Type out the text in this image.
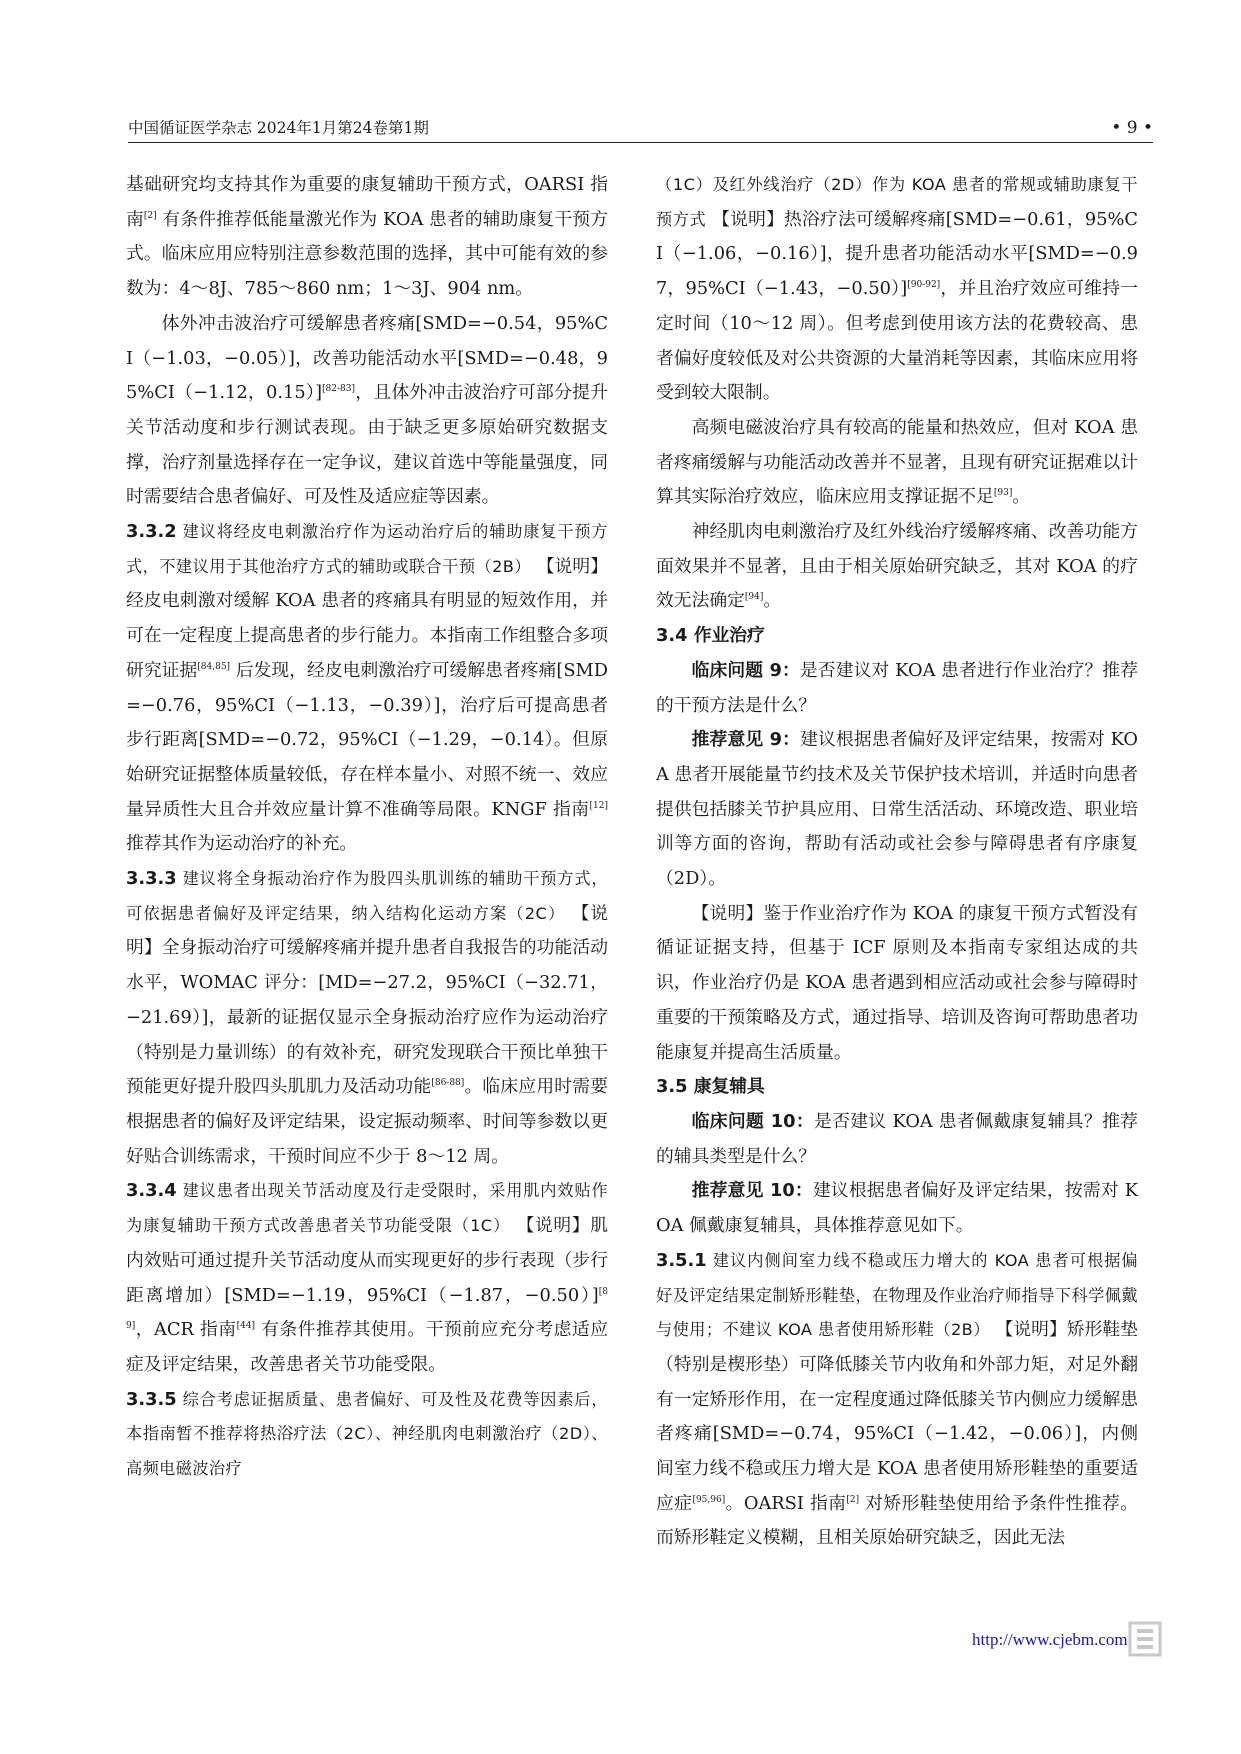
中国循证医学杂志 2024年1月第24卷第1期	• 9 •

基础研究均支持其作为重要的康复辅助干预方式，OARSI 指南[2] 有条件推荐低能量激光作为 KOA 患者的辅助康复干预方式。临床应用应特别注意参数范围的选择，其中可能有效的参数为：4～8J、785～860 nm；1～3J、904 nm。

体外冲击波治疗可缓解患者疼痛[SMD=−0.54，95%CI（−1.03，−0.05）]，改善功能活动水平[SMD=−0.48，95%CI（−1.12，0.15）][82-83]，且体外冲击波治疗可部分提升关节活动度和步行测试表现。由于缺乏更多原始研究数据支撑，治疗剂量选择存在一定争议，建议首选中等能量强度，同时需要结合患者偏好、可及性及适应症等因素。

3.3.2 建议将经皮电刺激治疗作为运动治疗后的辅助康复干预方式，不建议用于其他治疗方式的辅助或联合干预（2B） 【说明】经皮电刺激对缓解 KOA 患者的疼痛具有明显的短效作用，并可在一定程度上提高患者的步行能力。本指南工作组整合多项研究证据[84,85] 后发现，经皮电刺激治疗可缓解患者疼痛[SMD=−0.76，95%CI（−1.13，−0.39）]，治疗后可提高患者步行距离[SMD=−0.72，95%CI（−1.29，−0.14）。但原始研究证据整体质量较低，存在样本量小、对照不统一、效应量异质性大且合并效应量计算不准确等局限。KNGF 指南[12] 推荐其作为运动治疗的补充。

3.3.3 建议将全身振动治疗作为股四头肌训练的辅助干预方式，可依据患者偏好及评定结果，纳入结构化运动方案（2C） 【说明】全身振动治疗可缓解疼痛并提升患者自我报告的功能活动水平，WOMAC 评分：[MD=−27.2，95%CI（−32.71，−21.69）]，最新的证据仅显示全身振动治疗应作为运动治疗（特别是力量训练）的有效补充，研究发现联合干预比单独干预能更好提升股四头肌肌力及活动功能[86-88]。临床应用时需要根据患者的偏好及评定结果，设定振动频率、时间等参数以更好贴合训练需求，干预时间应不少于 8～12 周。

3.3.4 建议患者出现关节活动度及行走受限时，采用肌内效贴作为康复辅助干预方式改善患者关节功能受限（1C） 【说明】肌内效贴可通过提升关节活动度从而实现更好的步行表现（步行距离增加）[SMD=−1.19，95%CI（−1.87，−0.50）][89]，ACR 指南[44] 有条件推荐其使用。干预前应充分考虑适应症及评定结果，改善患者关节功能受限。

3.3.5 综合考虑证据质量、患者偏好、可及性及花费等因素后，本指南暂不推荐将热浴疗法（2C）、神经肌肉电刺激治疗（2D）、高频电磁波治疗

（1C）及红外线治疗（2D）作为 KOA 患者的常规或辅助康复干预方式 【说明】热浴疗法可缓解疼痛[SMD=−0.61，95%CI（−1.06，−0.16）]，提升患者功能活动水平[SMD=−0.97，95%CI（−1.43，−0.50）][90-92]，并且治疗效应可维持一定时间（10～12 周）。但考虑到使用该方法的花费较高、患者偏好度较低及对公共资源的大量消耗等因素，其临床应用将受到较大限制。

高频电磁波治疗具有较高的能量和热效应，但对 KOA 患者疼痛缓解与功能活动改善并不显著，且现有研究证据难以计算其实际治疗效应，临床应用支撑证据不足[93]。

神经肌肉电刺激治疗及红外线治疗缓解疼痛、改善功能方面效果并不显著，且由于相关原始研究缺乏，其对 KOA 的疗效无法确定[94]。

3.4 作业治疗

临床问题 9：是否建议对 KOA 患者进行作业治疗？推荐的干预方法是什么？

推荐意见 9：建议根据患者偏好及评定结果，按需对 KOA 患者开展能量节约技术及关节保护技术培训，并适时向患者提供包括膝关节护具应用、日常生活活动、环境改造、职业培训等方面的咨询，帮助有活动或社会参与障碍患者有序康复（2D）。

【说明】鉴于作业治疗作为 KOA 的康复干预方式暂没有循证证据支持，但基于 ICF 原则及本指南专家组达成的共识，作业治疗仍是 KOA 患者遇到相应活动或社会参与障碍时重要的干预策略及方式，通过指导、培训及咨询可帮助患者功能康复并提高生活质量。

3.5 康复辅具

临床问题 10：是否建议 KOA 患者佩戴康复辅具？推荐的辅具类型是什么？

推荐意见 10：建议根据患者偏好及评定结果，按需对 KOA 佩戴康复辅具，具体推荐意见如下。

3.5.1 建议内侧间室力线不稳或压力增大的 KOA 患者可根据偏好及评定结果定制矫形鞋垫，在物理及作业治疗师指导下科学佩戴与使用；不建议 KOA 患者使用矫形鞋（2B） 【说明】矫形鞋垫（特别是楔形垫）可降低膝关节内收角和外部力矩，对足外翻有一定矫形作用，在一定程度通过降低膝关节内侧应力缓解患者疼痛[SMD=−0.74，95%CI（−1.42，−0.06）]，内侧间室力线不稳或压力增大是 KOA 患者使用矫形鞋垫的重要适应症[95,96]。OARSI 指南[2] 对矫形鞋垫使用给予条件性推荐。而矫形鞋定义模糊，且相关原始研究缺乏，因此无法

http://www.cjebm.com
